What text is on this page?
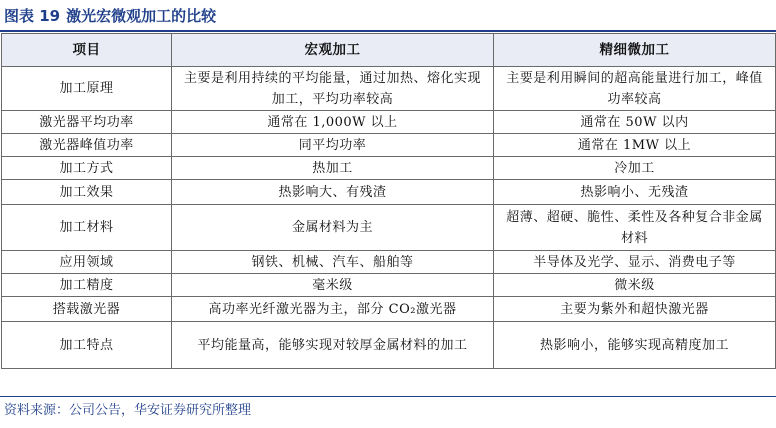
图表 19 激光宏微观加工的比较
项目	宏观加工	精细微加工
加工原理	主要是利用持续的平均能量，通过加热、熔化实现加工，平均功率较高	主要是利用瞬间的超高能量进行加工，峰值功率较高
激光器平均功率	通常在 1,000W 以上	通常在 50W 以内
激光器峰值功率	同平均功率	通常在 1MW 以上
加工方式	热加工	冷加工
加工效果	热影响大、有残渣	热影响小、无残渣
加工材料	金属材料为主	超薄、超硬、脆性、柔性及各种复合非金属材料
应用领域	钢铁、机械、汽车、船舶等	半导体及光学、显示、消费电子等
加工精度	毫米级	微米级
搭载激光器	高功率光纤激光器为主，部分 CO₂激光器	主要为紫外和超快激光器
加工特点	平均能量高，能够实现对较厚金属材料的加工	热影响小，能够实现高精度加工
资料来源：公司公告，华安证券研究所整理
